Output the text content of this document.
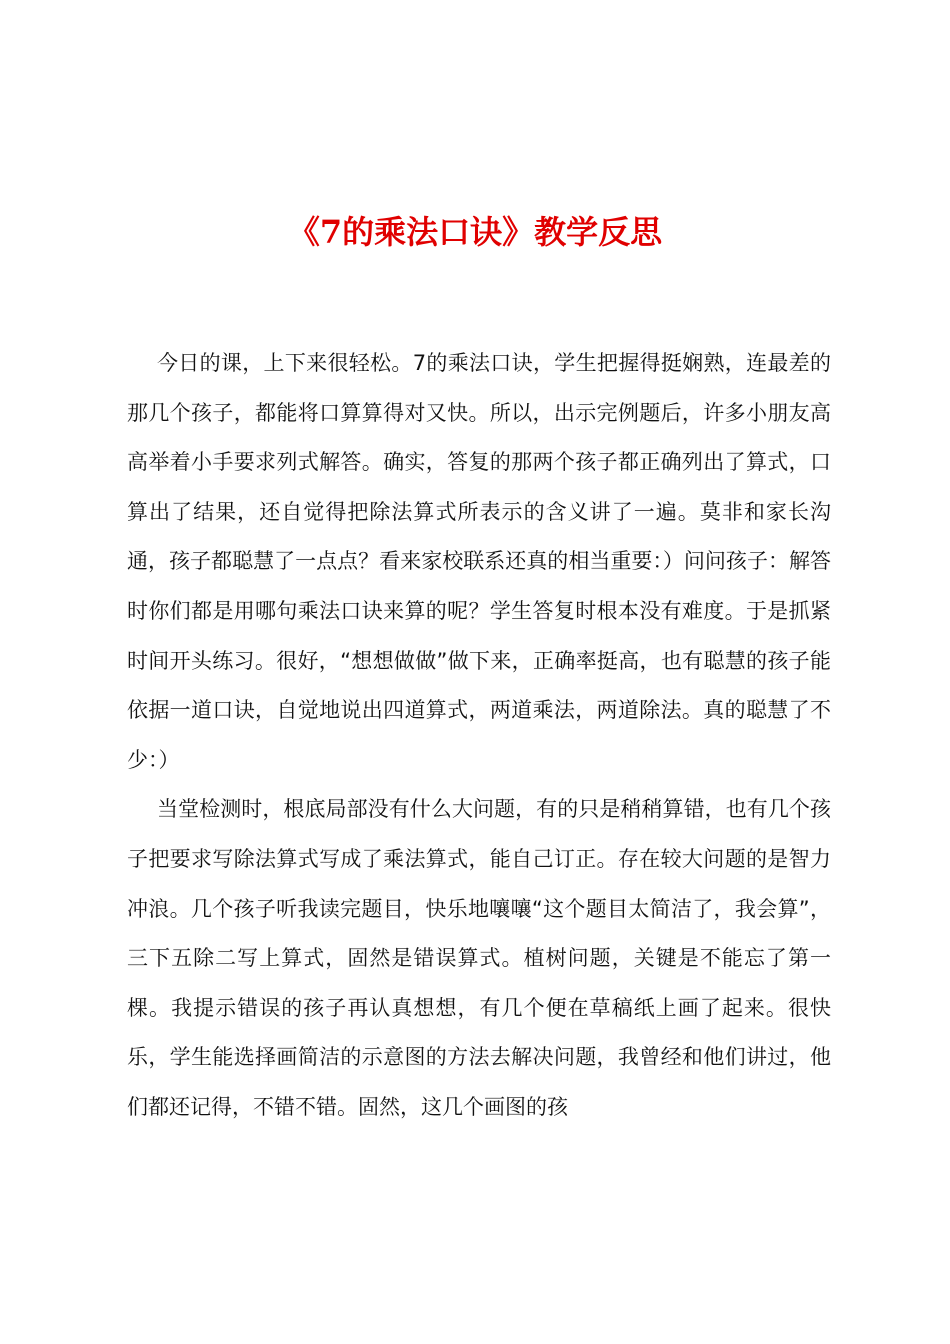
《7的乘法口诀》教学反思

今日的课，上下来很轻松。7的乘法口诀，学生把握得挺娴熟，连最差的那几个孩子，都能将口算算得对又快。所以，出示完例题后，许多小朋友高高举着小手要求列式解答。确实，答复的那两个孩子都正确列出了算式，口算出了结果，还自觉得把除法算式所表示的含义讲了一遍。莫非和家长沟通，孩子都聪慧了一点点？看来家校联系还真的相当重要：）问问孩子：解答时你们都是用哪句乘法口诀来算的呢？学生答复时根本没有难度。于是抓紧时间开头练习。很好，“想想做做”做下来，正确率挺高，也有聪慧的孩子能依据一道口诀，自觉地说出四道算式，两道乘法，两道除法。真的聪慧了不少：）

当堂检测时，根底局部没有什么大问题，有的只是稍稍算错，也有几个孩子把要求写除法算式写成了乘法算式，能自己订正。存在较大问题的是智力冲浪。几个孩子听我读完题目，快乐地嚷嚷“这个题目太简洁了，我会算”，三下五除二写上算式，固然是错误算式。植树问题，关键是不能忘了第一棵。我提示错误的孩子再认真想想，有几个便在草稿纸上画了起来。很快乐，学生能选择画简洁的示意图的方法去解决问题，我曾经和他们讲过，他们都还记得，不错不错。固然，这几个画图的孩
